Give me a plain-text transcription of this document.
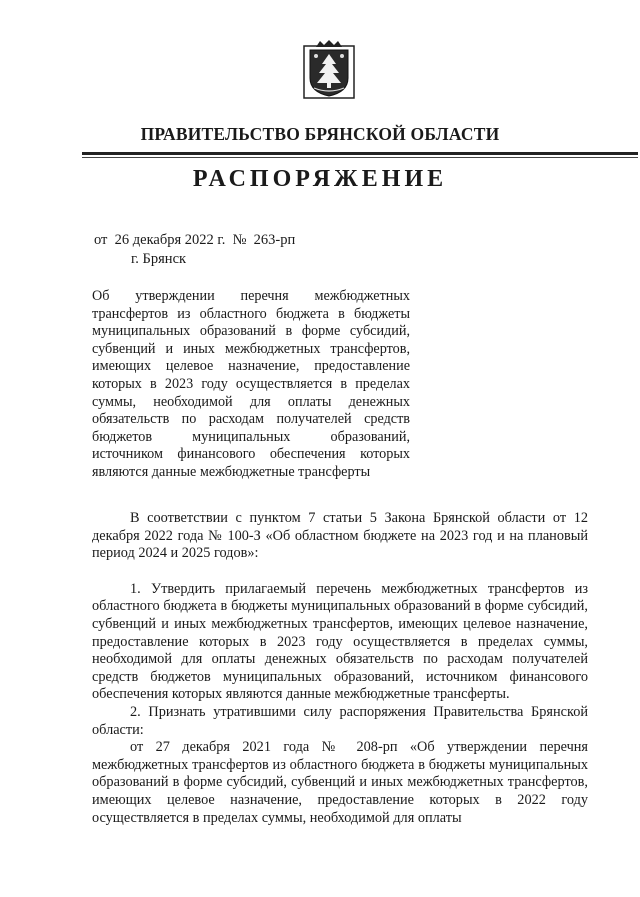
ПРАВИТЕЛЬСТВО БРЯНСКОЙ ОБЛАСТИ
РАСПОРЯЖЕНИЕ
от  26 декабря 2022 г.  №  263-рп
г. Брянск
Об утверждении перечня межбюджетных трансфертов из областного бюджета в бюджеты муниципальных образований в форме субсидий, субвенций и иных межбюджетных трансфертов, имеющих целевое назначение, предоставление которых в 2023 году осуществляется в пределах суммы, необходимой для оплаты денежных обязательств по расходам получателей средств бюджетов муниципальных образований, источником финансового обеспечения которых являются данные межбюджетные трансферты

В соответствии с пунктом 7 статьи 5 Закона Брянской области от 12 декабря 2022 года № 100-З «Об областном бюджете на 2023 год и на плановый период 2024 и 2025 годов»:

1. Утвердить прилагаемый перечень межбюджетных трансфертов из областного бюджета в бюджеты муниципальных образований в форме субсидий, субвенций и иных межбюджетных трансфертов, имеющих целевое назначение, предоставление которых в 2023 году осуществляется в пределах суммы, необходимой для оплаты денежных обязательств по расходам получателей средств бюджетов муниципальных образований, источником финансового обеспечения которых являются данные межбюджетные трансферты.

2. Признать утратившими силу распоряжения Правительства Брянской области:

от 27 декабря 2021 года № 208-рп «Об утверждении перечня межбюджетных трансфертов из областного бюджета в бюджеты муниципальных образований в форме субсидий, субвенций и иных межбюджетных трансфертов, имеющих целевое назначение, предоставление которых в 2022 году осуществляется в пределах суммы, необходимой для оплаты
